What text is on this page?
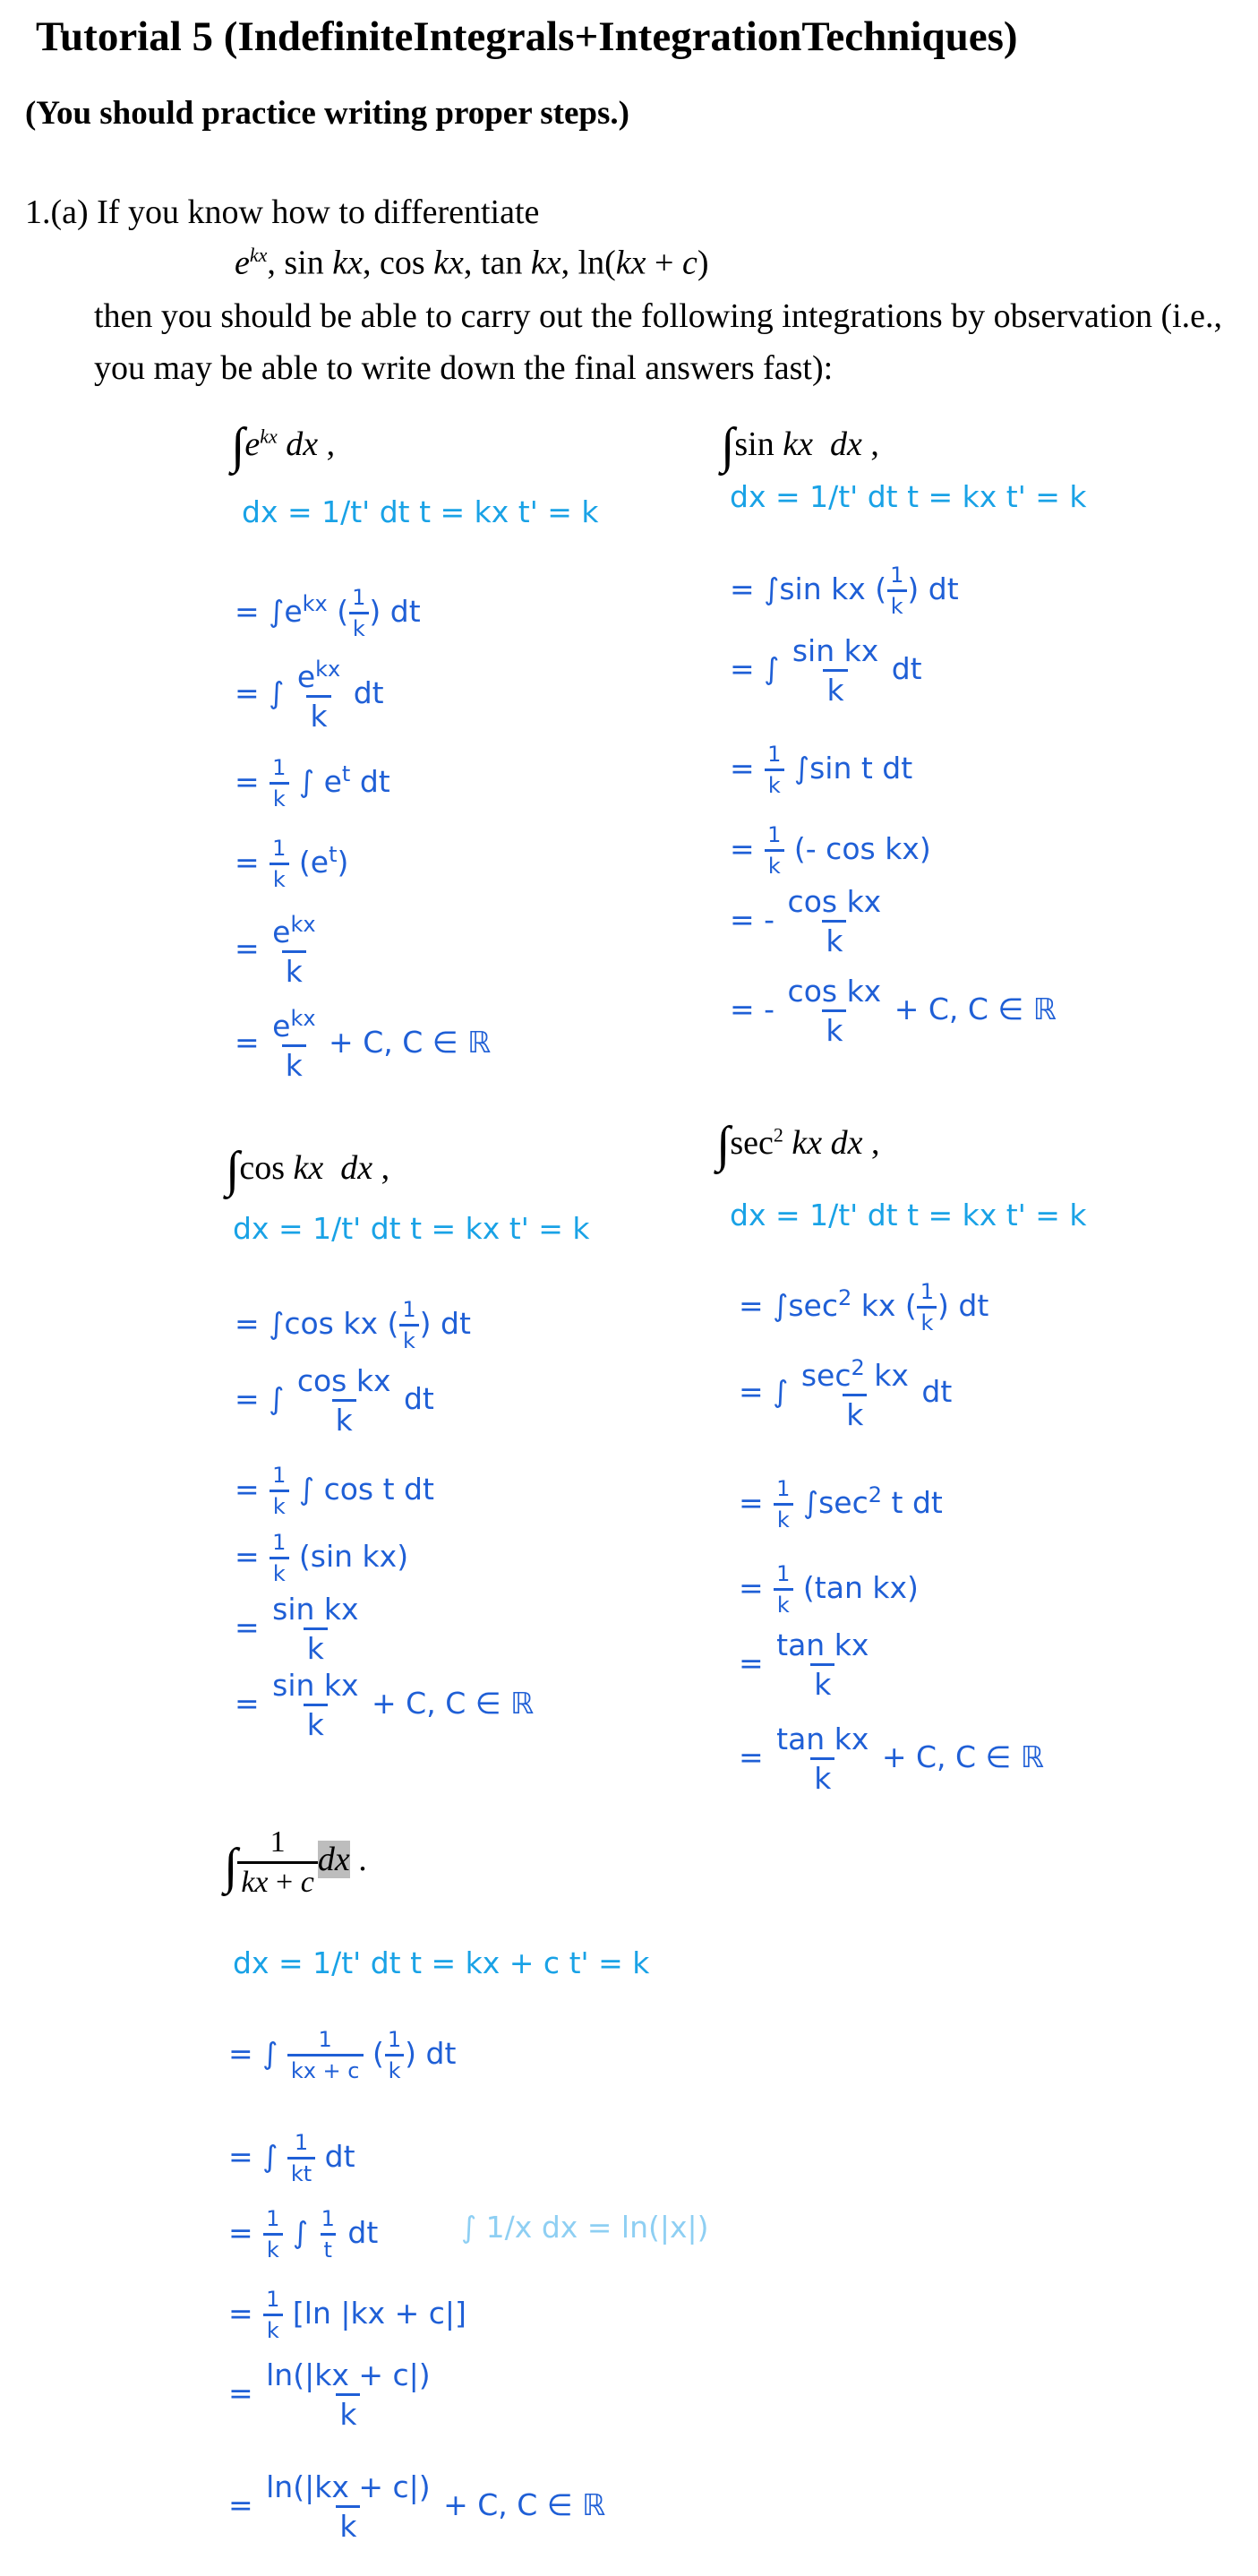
Tutorial 5 (IndefiniteIntegrals+IntegrationTechniques)
(You should practice writing proper steps.)
1.(a) If you know how to differentiate
$e^{kx}$, sin kx, cos kx, tan kx, ln(kx + c)
then you should be able to carry out the following integrations by observation (i.e.,
you may be able to write down the final answers fast):
$\int e^{kx}$ dx ,
dx = 1/t' dt t = kx t' = k
= $\int e^{kx}$ ( $\frac{1}{k}$ ) dt
= ∫ $\frac{e^{kx}}{k}$ dt
= $\frac{1}{k}$ ∫ $e^t$ dt
= $\frac{1}{k} (e^t)$
= $\frac{e^{kx}}{k}$
= $\frac{e^{kx}}{k} + C$, C ∈ ℝ
∫sin kx dx ,
dx = 1/t' dt t = kx t' = k
= ∫sin kx ( $\frac{1}{k}$ ) dt
= ∫ $\frac{\text{sin kx}}{k}$ dt
= $\frac{1}{k} \int\sin$ t dt
= $\frac{1}{k}$ (- cos kx)
= - $\frac{\text{cos kx}}{k}$
= - $\frac{\text{cos kx}}{k} + C$, C ∈ ℝ
∫cos kx dx ,
dx = 1/t' dt t = kx t' = k
= ∫cos kx ( $\frac{1}{k}$ ) dt
= ∫ $\frac{\text{cos kx}}{k}$ dt
= $\frac{1}{k}$ ∫ cos t dt
= $\frac{1}{k} (\sin$ kx)
= $\frac{\text{sin kx}}{k}$
= $\frac{\text{sin kx}}{k} + C$, C ∈ ℝ
$\int\sec^2$ kx dx ,
dx = 1/t' dt t = kx t' = k
= $\int\sec^2$ kx ( $\frac{1}{k}$ ) dt
= ∫ $\frac{\sec^2 kx}{k}$ dt
= $\frac{1}{k} \int\sec^2$ t dt
= $\frac{1}{k} (\tan$ kx)
= $\frac{\text{tan kx}}{k}$
= $\frac{\text{tan kx}}{k} + C$, C ∈ ℝ
∫ $\frac{1}{kx + c}$ dx .
dx = 1/t' dt t = kx + c t' = k
= ∫ $\frac{1}{kx + c}$ ( $\frac{1}{k}$ ) dt
= ∫ $\frac{1}{kt}$ dt
= $\frac{1}{k}$ ∫ $\frac{1}{t}$ dt	∫ 1/x dx = ln(|x|)
= $\frac{1}{k} [\ln$ |kx + c|]
= $\frac{\ln(|kx + c|)}{k}$
= $\frac{\ln(|kx + c|)}{k} + C$, C ∈ ℝ
